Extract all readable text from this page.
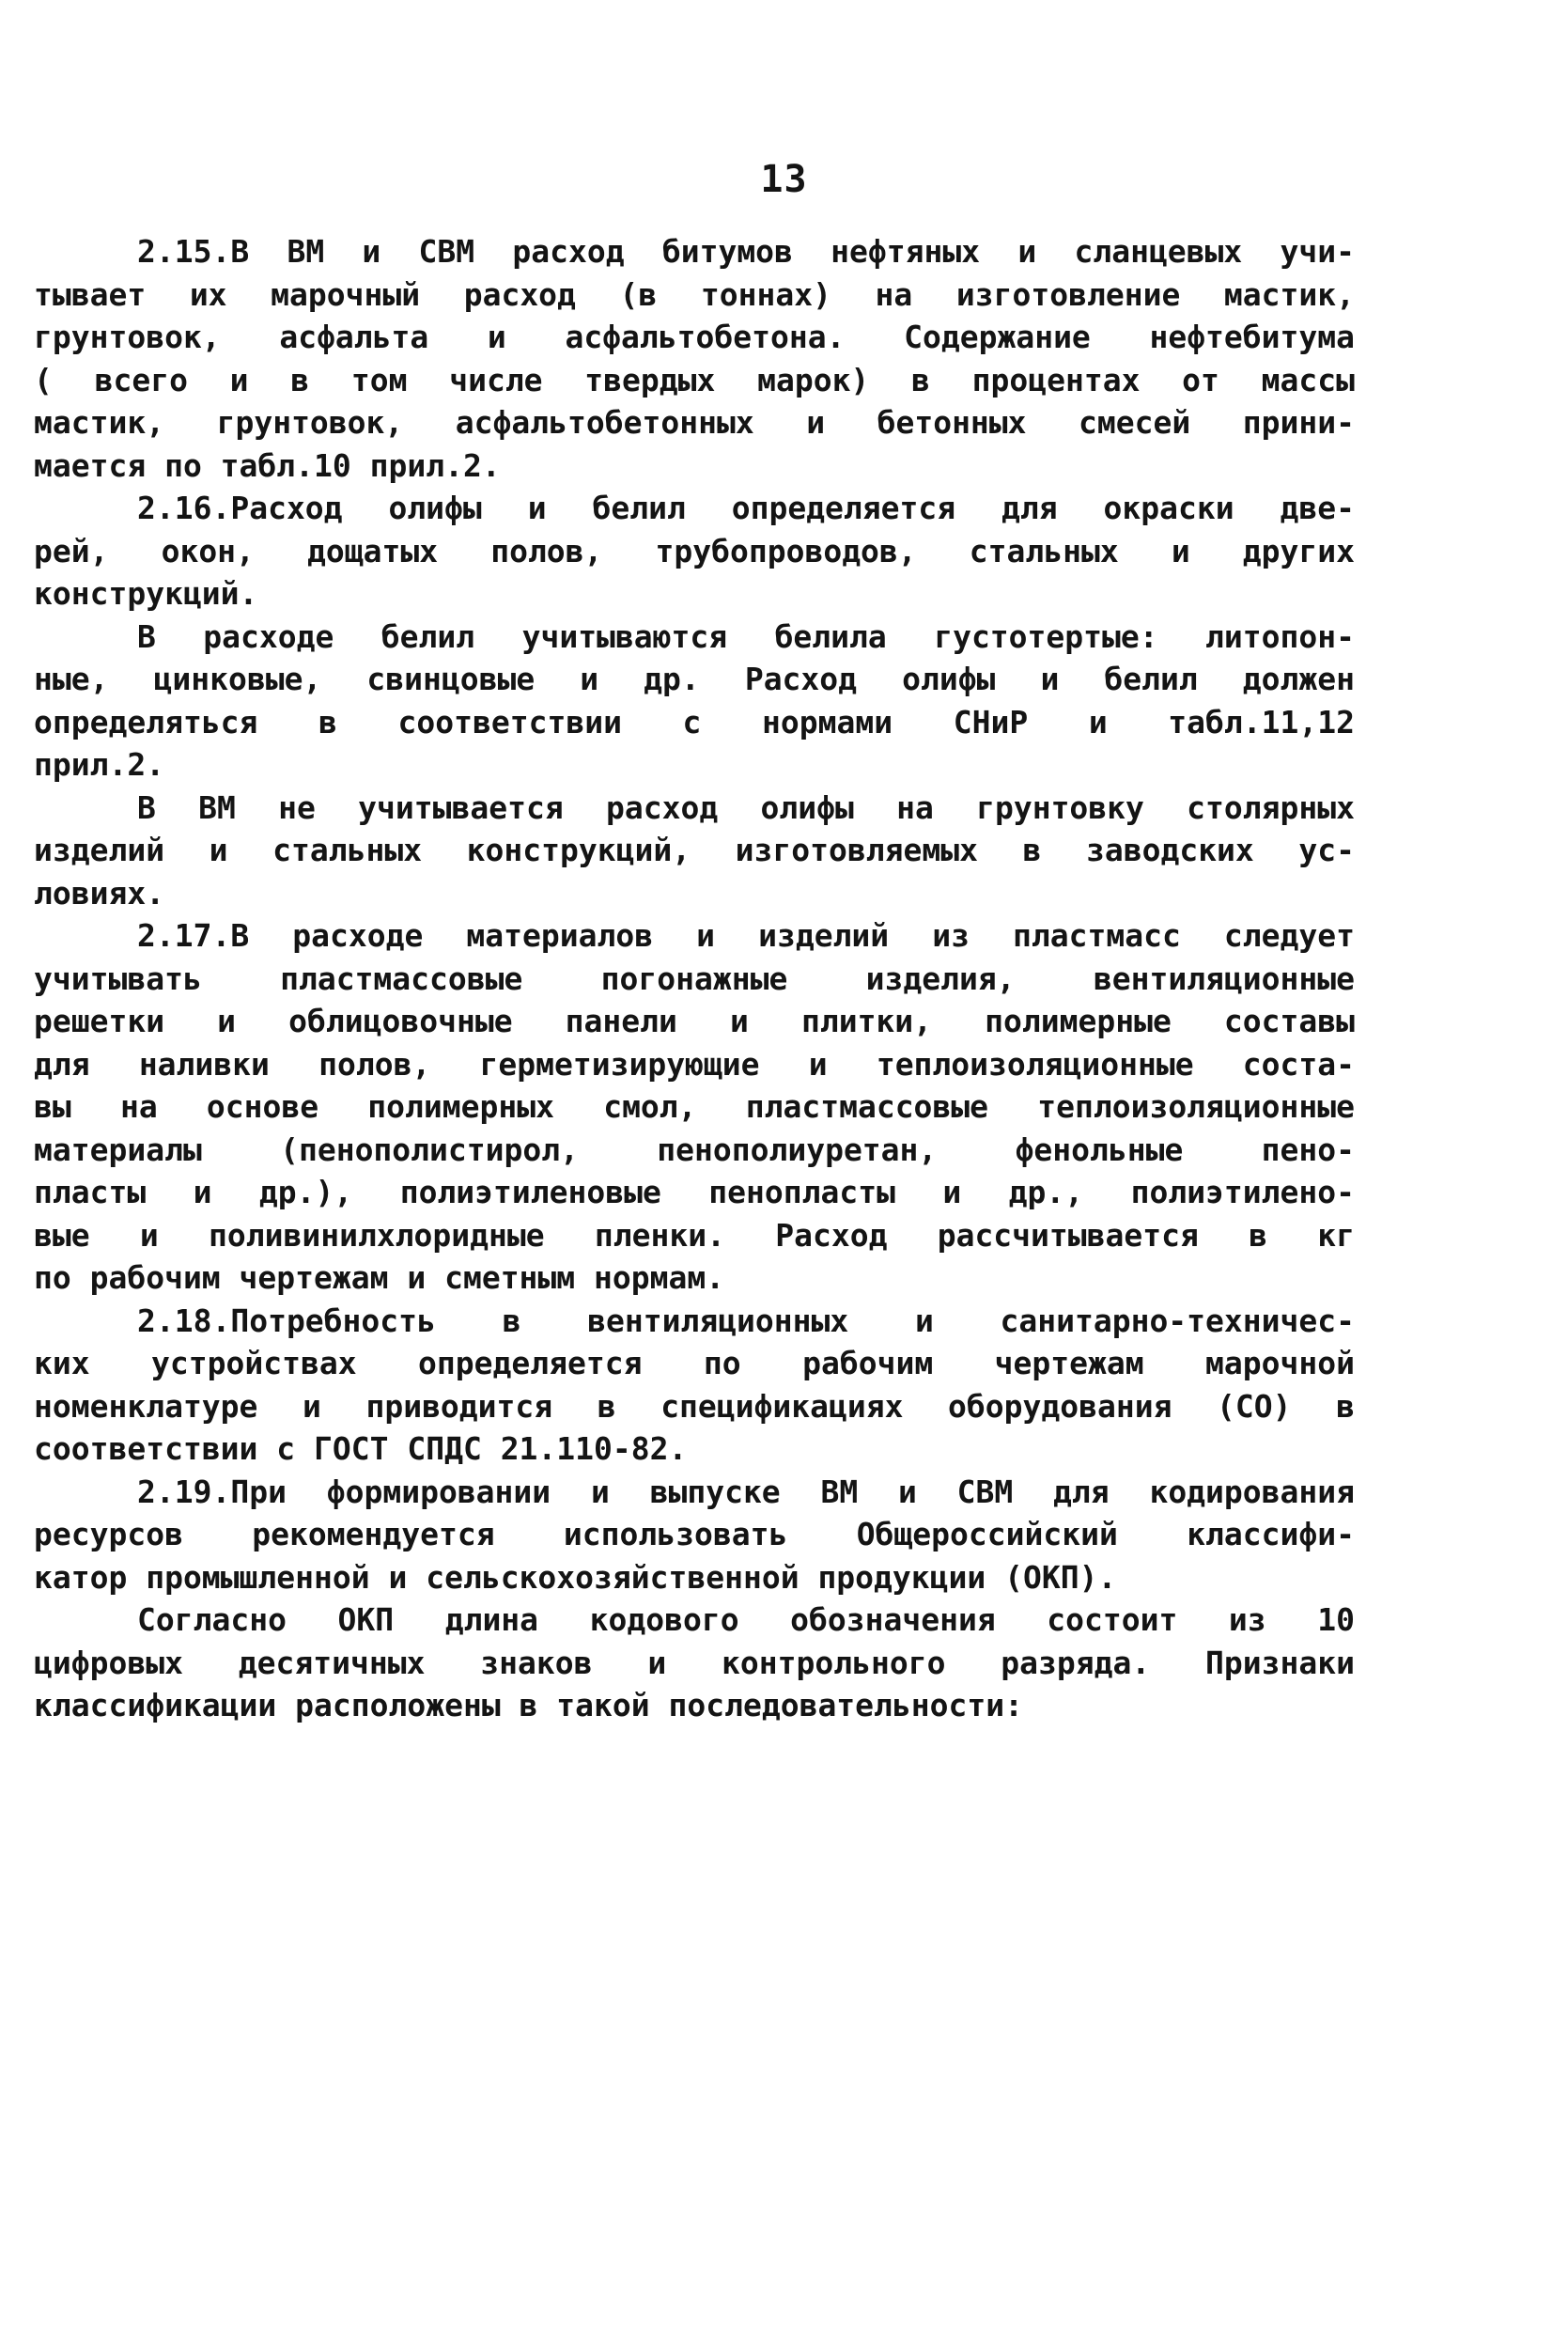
13
2.15.В ВМ и СВМ расход битумов нефтяных и сланцевых учи-
тывает их марочный расход (в тоннах) на изготовление мастик,
грунтовок, асфальта и асфальтобетона. Содержание нефтебитума
( всего и в том числе твердых марок) в процентах от массы
мастик, грунтовок, асфальтобетонных и бетонных смесей прини-
мается по табл.10 прил.2.
2.16.Расход олифы и белил определяется для окраски две-
рей, окон, дощатых полов, трубопроводов, стальных и других
конструкций.
В расходе белил учитываются белила густотертые: литопон-
ные, цинковые, свинцовые и др. Расход олифы и белил должен
определяться в соответствии с нормами СНиР и табл.11,12
прил.2.
В ВМ не учитывается расход олифы на грунтовку столярных
изделий и стальных конструкций, изготовляемых в заводских ус-
ловиях.
2.17.В расходе материалов и изделий из пластмасс следует
учитывать пластмассовые погонажные изделия, вентиляционные
решетки и облицовочные панели и плитки, полимерные составы
для наливки полов, герметизирующие и теплоизоляционные соста-
вы на основе полимерных смол, пластмассовые теплоизоляционные
материалы (пенополистирол, пенополиуретан, фенольные пено-
пласты и др.), полиэтиленовые пенопласты и др., полиэтилено-
вые и поливинилхлоридные пленки. Расход рассчитывается в кг
по рабочим чертежам и сметным нормам.
2.18.Потребность в вентиляционных и санитарно-техничес-
ких устройствах определяется по рабочим чертежам марочной
номенклатуре и приводится в спецификациях оборудования (СО) в
соответствии с ГОСТ СПДС 21.110-82.
2.19.При формировании и выпуске ВМ и СВМ для кодирования
ресурсов рекомендуется использовать Общероссийский классифи-
катор промышленной и сельскохозяйственной продукции (ОКП).
Согласно ОКП длина кодового обозначения состоит из 10
цифровых десятичных знаков и контрольного разряда. Признаки
классификации расположены в такой последовательности:
